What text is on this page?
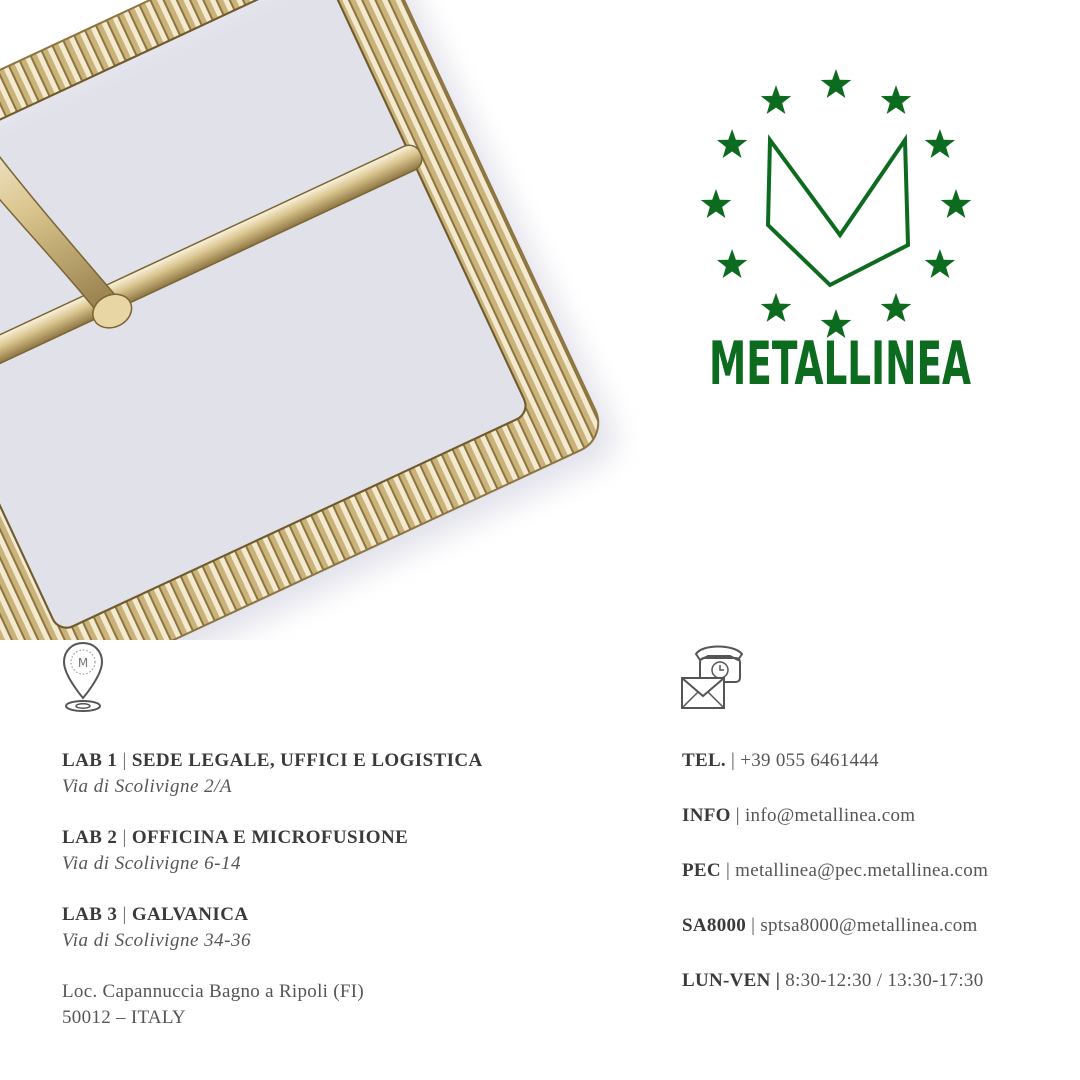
METALLINEA
M
LAB 1 | SEDE LEGALE, UFFICI E LOGISTICA
Via di Scolivigne 2/A
LAB 2 | OFFICINA E MICROFUSIONE
Via di Scolivigne 6-14
LAB 3 | GALVANICA
Via di Scolivigne 34-36
Loc. Capannuccia Bagno a Ripoli (FI)
50012 – ITALY
TEL. | +39 055 6461444
INFO | info@metallinea.com
PEC | metallinea@pec.metallinea.com
SA8000 | sptsa8000@metallinea.com
LUN-VEN | 8:30-12:30 / 13:30-17:30
